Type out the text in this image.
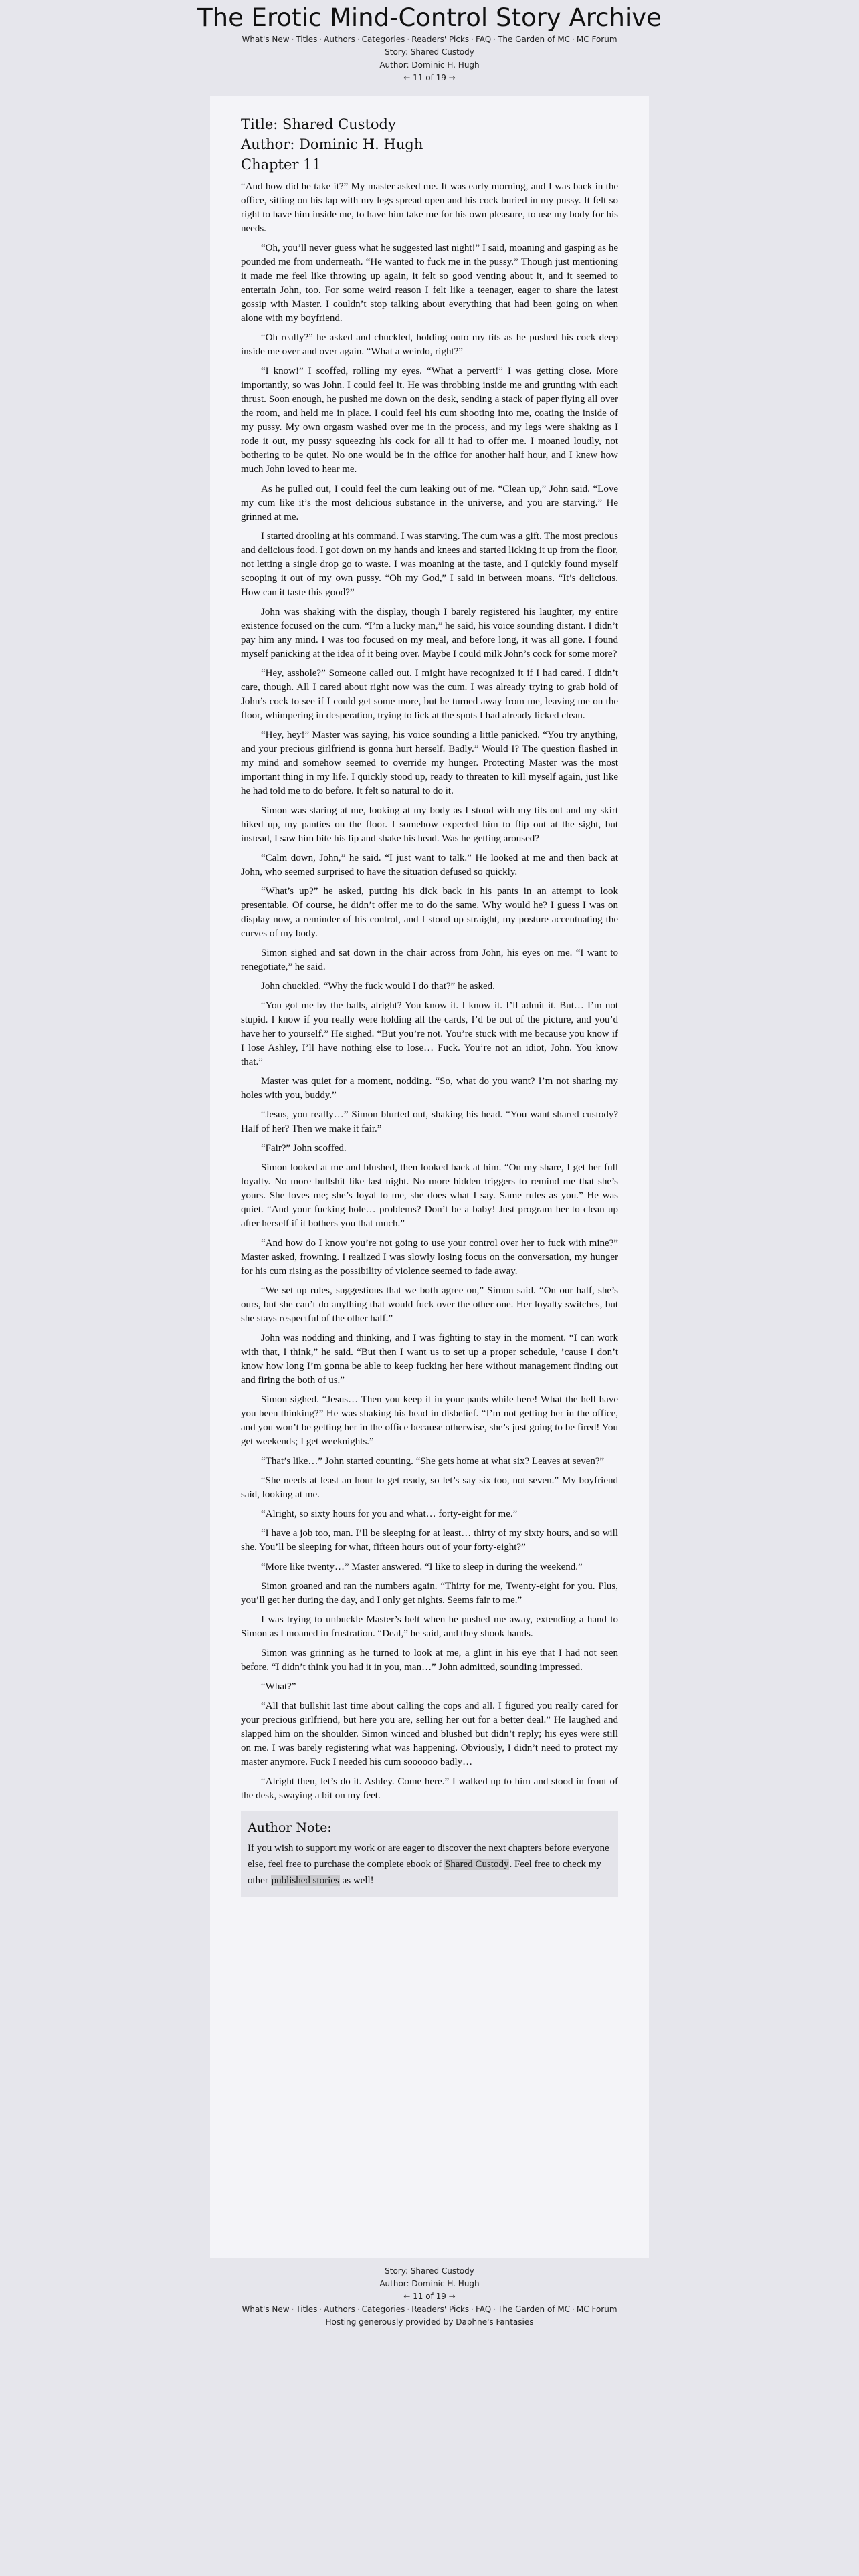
The Erotic Mind-Control Story Archive
What's New · Titles · Authors · Categories · Readers' Picks · FAQ · The Garden of MC · MC Forum
Story: Shared Custody
Author: Dominic H. Hugh
← 11 of 19 →
Title: Shared Custody
Author: Dominic H. Hugh
Chapter 11

“And how did he take it?” My master asked me. It was early morning, and I was back in the office, sitting on his lap with my legs spread open and his cock buried in my pussy. It felt so right to have him inside me, to have him take me for his own pleasure, to use my body for his needs.

“Oh, you’ll never guess what he suggested last night!” I said, moaning and gasping as he pounded me from underneath. “He wanted to fuck me in the pussy.” Though just mentioning it made me feel like throwing up again, it felt so good venting about it, and it seemed to entertain John, too. For some weird reason I felt like a teenager, eager to share the latest gossip with Master. I couldn’t stop talking about everything that had been going on when alone with my boyfriend.

“Oh really?” he asked and chuckled, holding onto my tits as he pushed his cock deep inside me over and over again. “What a weirdo, right?”

“I know!” I scoffed, rolling my eyes. “What a pervert!” I was getting close. More importantly, so was John. I could feel it. He was throbbing inside me and grunting with each thrust. Soon enough, he pushed me down on the desk, sending a stack of paper flying all over the room, and held me in place. I could feel his cum shooting into me, coating the inside of my pussy. My own orgasm washed over me in the process, and my legs were shaking as I rode it out, my pussy squeezing his cock for all it had to offer me. I moaned loudly, not bothering to be quiet. No one would be in the office for another half hour, and I knew how much John loved to hear me.

As he pulled out, I could feel the cum leaking out of me. “Clean up,” John said. “Love my cum like it’s the most delicious substance in the universe, and you are starving.” He grinned at me.

I started drooling at his command. I was starving. The cum was a gift. The most precious and delicious food. I got down on my hands and knees and started licking it up from the floor, not letting a single drop go to waste. I was moaning at the taste, and I quickly found myself scooping it out of my own pussy. “Oh my God,” I said in between moans. “It’s delicious. How can it taste this good?”

John was shaking with the display, though I barely registered his laughter, my entire existence focused on the cum. “I’m a lucky man,” he said, his voice sounding distant. I didn’t pay him any mind. I was too focused on my meal, and before long, it was all gone. I found myself panicking at the idea of it being over. Maybe I could milk John’s cock for some more?

“Hey, asshole?” Someone called out. I might have recognized it if I had cared. I didn’t care, though. All I cared about right now was the cum. I was already trying to grab hold of John’s cock to see if I could get some more, but he turned away from me, leaving me on the floor, whimpering in desperation, trying to lick at the spots I had already licked clean.

“Hey, hey!” Master was saying, his voice sounding a little panicked. “You try anything, and your precious girlfriend is gonna hurt herself. Badly.” Would I? The question flashed in my mind and somehow seemed to override my hunger. Protecting Master was the most important thing in my life. I quickly stood up, ready to threaten to kill myself again, just like he had told me to do before. It felt so natural to do it.

Simon was staring at me, looking at my body as I stood with my tits out and my skirt hiked up, my panties on the floor. I somehow expected him to flip out at the sight, but instead, I saw him bite his lip and shake his head. Was he getting aroused?

“Calm down, John,” he said. “I just want to talk.” He looked at me and then back at John, who seemed surprised to have the situation defused so quickly.

“What’s up?” he asked, putting his dick back in his pants in an attempt to look presentable. Of course, he didn’t offer me to do the same. Why would he? I guess I was on display now, a reminder of his control, and I stood up straight, my posture accentuating the curves of my body.

Simon sighed and sat down in the chair across from John, his eyes on me. “I want to renegotiate,” he said.

John chuckled. “Why the fuck would I do that?” he asked.

“You got me by the balls, alright? You know it. I know it. I’ll admit it. But… I’m not stupid. I know if you really were holding all the cards, I’d be out of the picture, and you’d have her to yourself.” He sighed. “But you’re not. You’re stuck with me because you know if I lose Ashley, I’ll have nothing else to lose… Fuck. You’re not an idiot, John. You know that.”

Master was quiet for a moment, nodding. “So, what do you want? I’m not sharing my holes with you, buddy.”

“Jesus, you really…” Simon blurted out, shaking his head. “You want shared custody? Half of her? Then we make it fair.”

“Fair?” John scoffed.

Simon looked at me and blushed, then looked back at him. “On my share, I get her full loyalty. No more bullshit like last night. No more hidden triggers to remind me that she’s yours. She loves me; she’s loyal to me, she does what I say. Same rules as you.” He was quiet. “And your fucking hole… problems? Don’t be a baby! Just program her to clean up after herself if it bothers you that much.”

“And how do I know you’re not going to use your control over her to fuck with mine?” Master asked, frowning. I realized I was slowly losing focus on the conversation, my hunger for his cum rising as the possibility of violence seemed to fade away.

“We set up rules, suggestions that we both agree on,” Simon said. “On our half, she’s ours, but she can’t do anything that would fuck over the other one. Her loyalty switches, but she stays respectful of the other half.”

John was nodding and thinking, and I was fighting to stay in the moment. “I can work with that, I think,” he said. “But then I want us to set up a proper schedule, ’cause I don’t know how long I’m gonna be able to keep fucking her here without management finding out and firing the both of us.”

Simon sighed. “Jesus… Then you keep it in your pants while here! What the hell have you been thinking?” He was shaking his head in disbelief. “I’m not getting her in the office, and you won’t be getting her in the office because otherwise, she’s just going to be fired! You get weekends; I get weeknights.”

“That’s like…” John started counting. “She gets home at what six? Leaves at seven?”

“She needs at least an hour to get ready, so let’s say six too, not seven.” My boyfriend said, looking at me.

“Alright, so sixty hours for you and what… forty-eight for me.”

“I have a job too, man. I’ll be sleeping for at least… thirty of my sixty hours, and so will she. You’ll be sleeping for what, fifteen hours out of your forty-eight?”

“More like twenty…” Master answered. “I like to sleep in during the weekend.”

Simon groaned and ran the numbers again. “Thirty for me, Twenty-eight for you. Plus, you’ll get her during the day, and I only get nights. Seems fair to me.”

I was trying to unbuckle Master’s belt when he pushed me away, extending a hand to Simon as I moaned in frustration. “Deal,” he said, and they shook hands.

Simon was grinning as he turned to look at me, a glint in his eye that I had not seen before. “I didn’t think you had it in you, man…” John admitted, sounding impressed.

“What?”

“All that bullshit last time about calling the cops and all. I figured you really cared for your precious girlfriend, but here you are, selling her out for a better deal.” He laughed and slapped him on the shoulder. Simon winced and blushed but didn’t reply; his eyes were still on me. I was barely registering what was happening. Obviously, I didn’t need to protect my master anymore. Fuck I needed his cum soooooo badly…

“Alright then, let’s do it. Ashley. Come here.” I walked up to him and stood in front of the desk, swaying a bit on my feet.

Author Note:
If you wish to support my work or are eager to discover the next chapters before everyone else, feel free to purchase the complete ebook of Shared Custody. Feel free to check my other published stories as well!
Story: Shared Custody
Author: Dominic H. Hugh
← 11 of 19 →
What's New · Titles · Authors · Categories · Readers' Picks · FAQ · The Garden of MC · MC Forum
Hosting generously provided by Daphne's Fantasies
